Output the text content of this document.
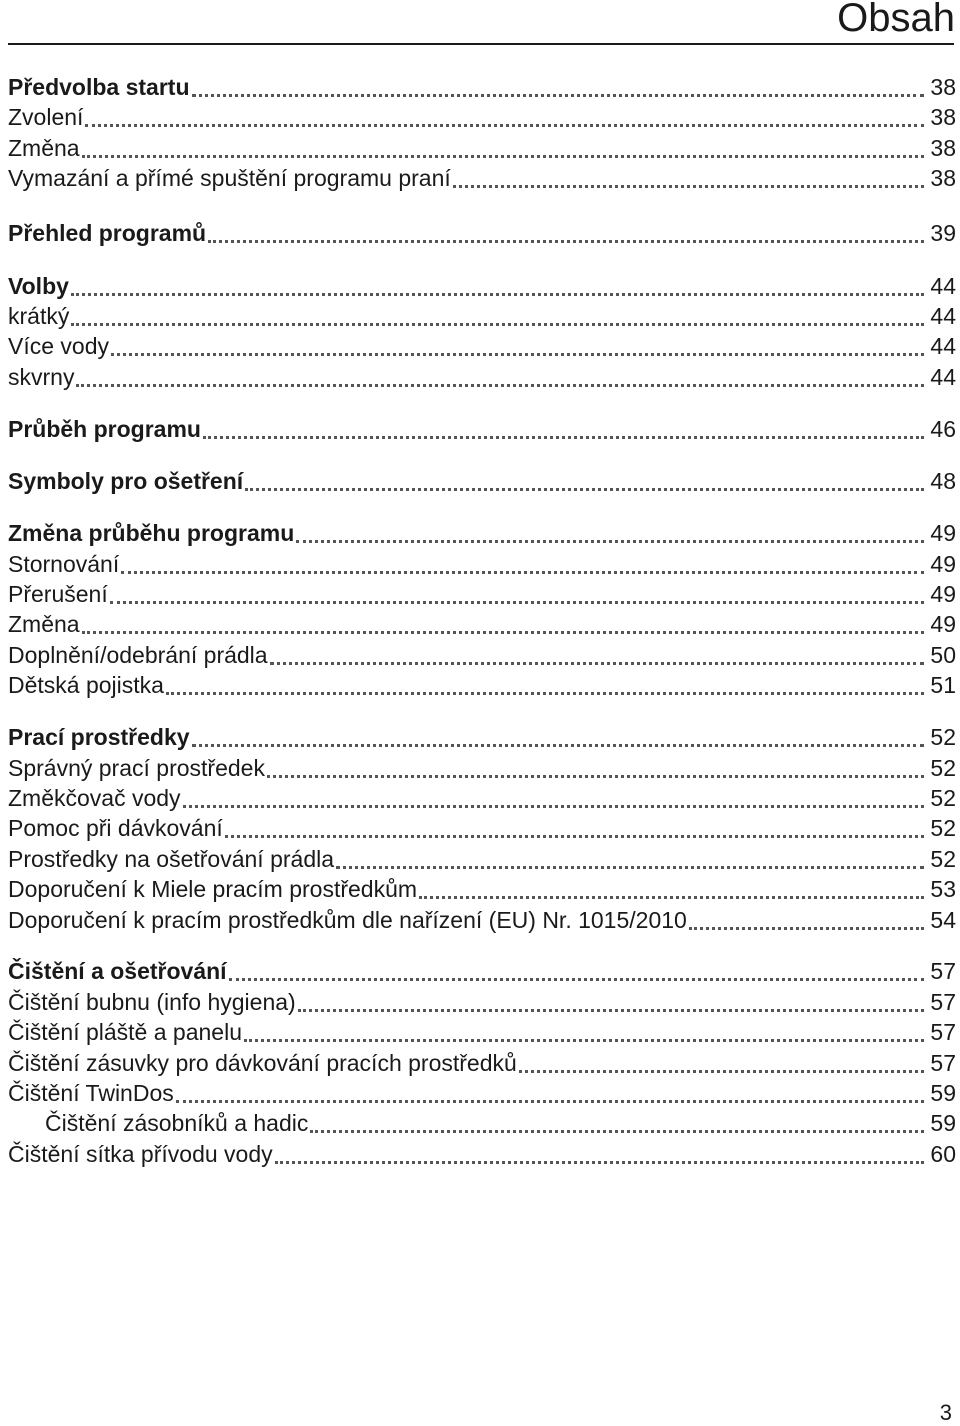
Obsah
Předvolba startu	38
Zvolení	38
Změna	38
Vymazání a přímé spuštění programu praní	38
Přehled programů	39
Volby	44
krátký	44
Více vody	44
skvrny	44
Průběh programu	46
Symboly pro ošetření	48
Změna průběhu programu	49
Stornování	49
Přerušení	49
Změna	49
Doplnění/odebrání prádla	50
Dětská pojistka	51
Prací prostředky	52
Správný prací prostředek	52
Změkčovač vody	52
Pomoc při dávkování	52
Prostředky na ošetřování prádla	52
Doporučení k Miele pracím prostředkům	53
Doporučení k pracím prostředkům dle nařízení (EU) Nr. 1015/2010	54
Čištění a ošetřování	57
Čištění bubnu (info hygiena)	57
Čištění pláště a panelu	57
Čištění zásuvky pro dávkování pracích prostředků	57
Čištění TwinDos	59
Čištění zásobníků a hadic	59
Čištění sítka přívodu vody	60
3
